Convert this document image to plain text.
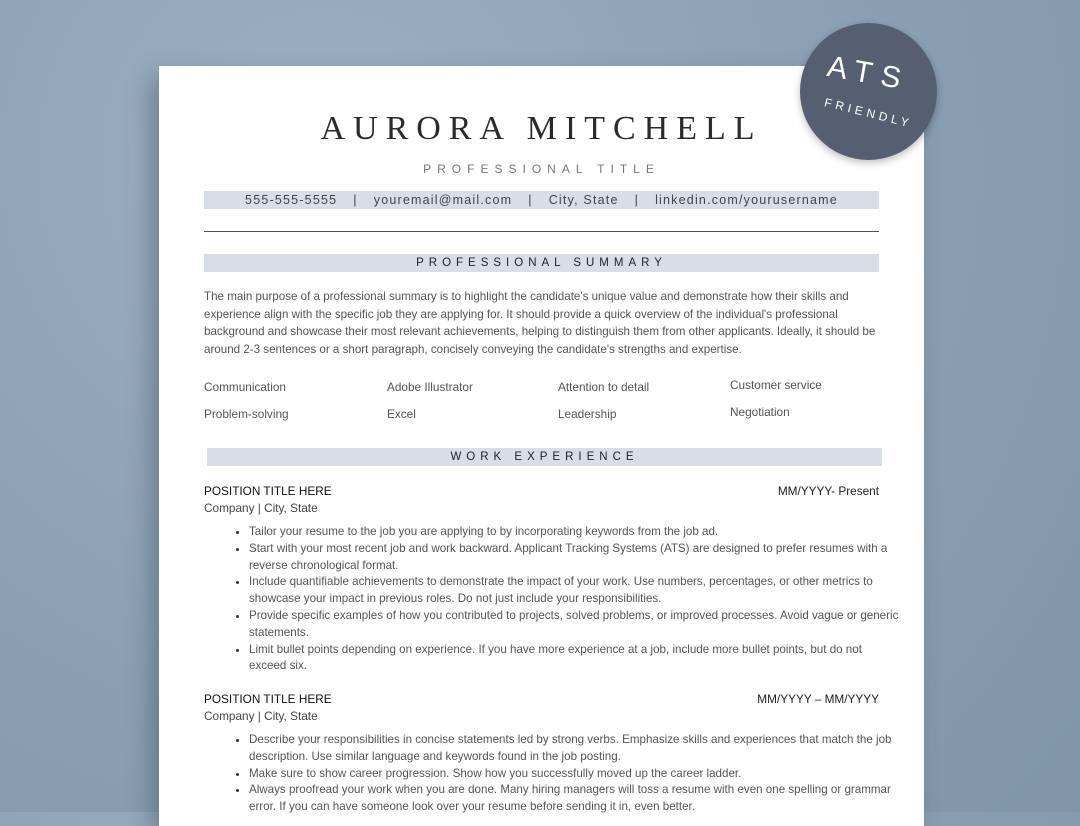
AURORA MITCHELL
PROFESSIONAL TITLE
555-555-5555 | youremail@mail.com | City, State | linkedin.com/yourusername
PROFESSIONAL SUMMARY
The main purpose of a professional summary is to highlight the candidate's unique value and demonstrate how their skills and experience align with the specific job they are applying for. It should provide a quick overview of the individual's professional background and showcase their most relevant achievements, helping to distinguish them from other applicants. Ideally, it should be around 2-3 sentences or a short paragraph, concisely conveying the candidate's strengths and expertise.
Communication	Adobe Illustrator	Attention to detail	Customer service
Problem-solving	Excel	Leadership	Negotiation
WORK EXPERIENCE
POSITION TITLE HERE	MM/YYYY- Present
Company | City, State
• Tailor your resume to the job you are applying to by incorporating keywords from the job ad.
• Start with your most recent job and work backward. Applicant Tracking Systems (ATS) are designed to prefer resumes with a reverse chronological format.
• Include quantifiable achievements to demonstrate the impact of your work. Use numbers, percentages, or other metrics to showcase your impact in previous roles. Do not just include your responsibilities.
• Provide specific examples of how you contributed to projects, solved problems, or improved processes. Avoid vague or generic statements.
• Limit bullet points depending on experience. If you have more experience at a job, include more bullet points, but do not exceed six.
POSITION TITLE HERE	MM/YYYY – MM/YYYY
Company | City, State
• Describe your responsibilities in concise statements led by strong verbs. Emphasize skills and experiences that match the job description. Use similar language and keywords found in the job posting.
• Make sure to show career progression. Show how you successfully moved up the career ladder.
• Always proofread your work when you are done. Many hiring managers will toss a resume with even one spelling or grammar error. If you can have someone look over your resume before sending it in, even better.
ATS
FRIENDLY
